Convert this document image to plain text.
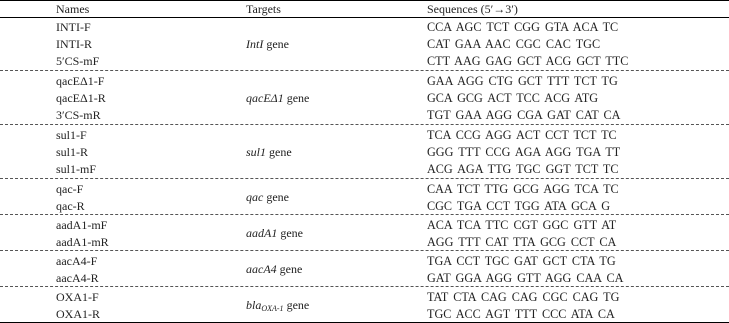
Names	Targets	Sequences (5′→3′)
INTI-F
INTI-R
5′CS-mF
IntI gene
CCA AGC TCT CGG GTA ACA TC
CAT GAA AAC CGC CAC TGC
CTT AAG GAG GCT ACG GCT TTC
qacEΔ1-F
qacEΔ1-R
3′CS-mR
qacEΔ1 gene
GAA AGG CTG GCT TTT TCT TG
GCA GCG ACT TCC ACG ATG
TGT GAA AGG CGA GAT CAT CA
sul1-F
sul1-R
sul1-mF
sul1 gene
TCA CCG AGG ACT CCT TCT TC
GGG TTT CCG AGA AGG TGA TT
ACG AGA TTG TGC GGT TCT TC
qac-F
qac-R
qac gene
CAA TCT TTG GCG AGG TCA TC
CGC TGA CCT TGG ATA GCA G
aadA1-mF
aadA1-mR
aadA1 gene
ACA TCA TTC CGT GGC GTT AT
AGG TTT CAT TTA GCG CCT CA
aacA4-F
aacA4-R
aacA4 gene
TGA CCT TGC GAT GCT CTA TG
GAT GGA AGG GTT AGG CAA CA
OXA1-F
OXA1-R
bla$_{OXA-1}$ gene
TAT CTA CAG CAG CGC CAG TG
TGC ACC AGT TTT CCC ATA CA
